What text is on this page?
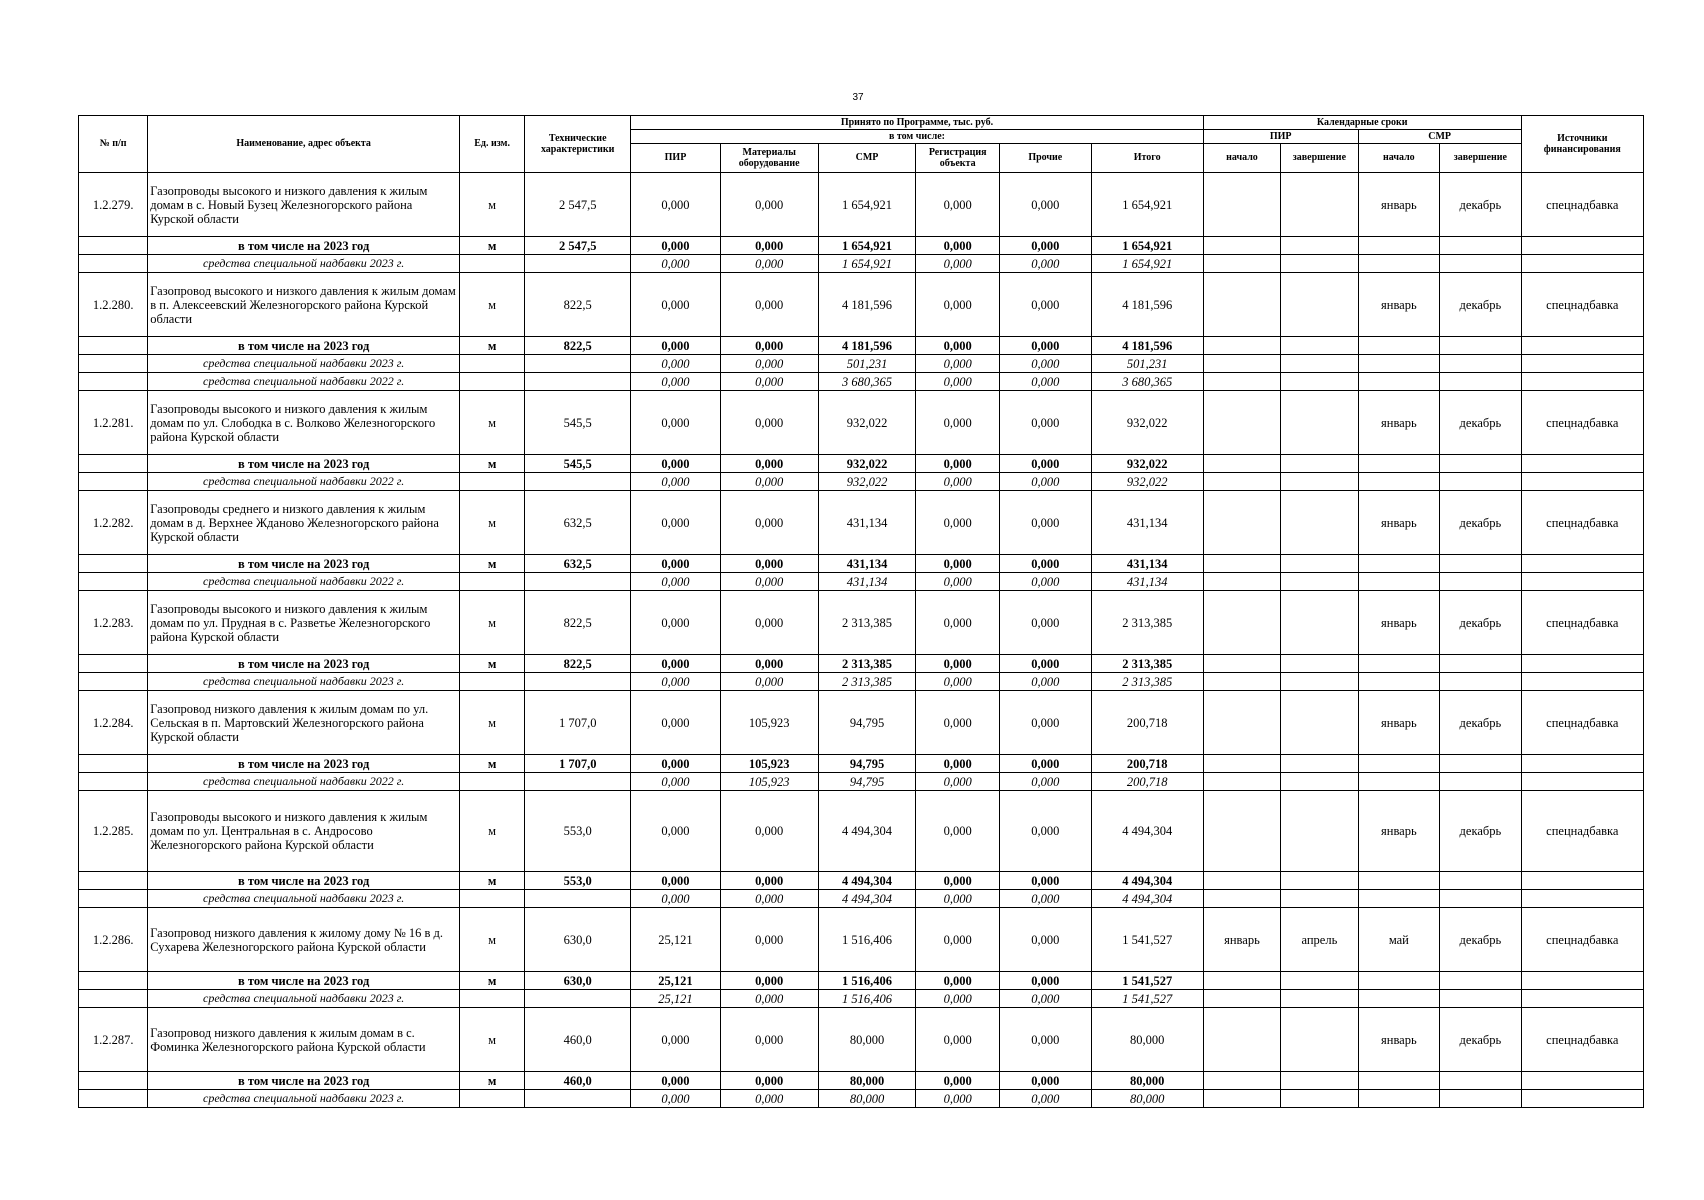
37
№ п/п	Наименование, адрес объекта	Ед. изм.	Технические характеристики	Принято по Программе, тыс. руб.						Календарные сроки				Источники финансирования
				в том числе:						ПИР		СМР		
				ПИР	Материалы оборудование	СМР	Регистрация объекта	Прочие	Итого	начало	завершение	начало	завершение	
1.2.279.	Газопроводы высокого и низкого давления к жилым домам в с. Новый Бузец Железногорского района Курской области	м	2 547,5	0,000	0,000	1 654,921	0,000	0,000	1 654,921			январь	декабрь	спецнадбавка
	в том числе на 2023 год	м	2 547,5	0,000	0,000	1 654,921	0,000	0,000	1 654,921					
	средства специальной надбавки 2023 г.			0,000	0,000	1 654,921	0,000	0,000	1 654,921					
1.2.280.	Газопровод высокого и низкого давления к жилым домам в п. Алексеевский Железногорского района Курской области	м	822,5	0,000	0,000	4 181,596	0,000	0,000	4 181,596			январь	декабрь	спецнадбавка
	в том числе на 2023 год	м	822,5	0,000	0,000	4 181,596	0,000	0,000	4 181,596					
	средства специальной надбавки 2023 г.			0,000	0,000	501,231	0,000	0,000	501,231					
	средства специальной надбавки 2022 г.			0,000	0,000	3 680,365	0,000	0,000	3 680,365					
1.2.281.	Газопроводы высокого и низкого давления к жилым домам по ул. Слободка в с. Волково Железногорского района Курской области	м	545,5	0,000	0,000	932,022	0,000	0,000	932,022			январь	декабрь	спецнадбавка
	в том числе на 2023 год	м	545,5	0,000	0,000	932,022	0,000	0,000	932,022					
	средства специальной надбавки 2022 г.			0,000	0,000	932,022	0,000	0,000	932,022					
1.2.282.	Газопроводы среднего и низкого давления к жилым домам в д. Верхнее Жданово Железногорского района Курской области	м	632,5	0,000	0,000	431,134	0,000	0,000	431,134			январь	декабрь	спецнадбавка
	в том числе на 2023 год	м	632,5	0,000	0,000	431,134	0,000	0,000	431,134					
	средства специальной надбавки 2022 г.			0,000	0,000	431,134	0,000	0,000	431,134					
1.2.283.	Газопроводы высокого и низкого давления к жилым домам по ул. Прудная в с. Разветье Железногорского района Курской области	м	822,5	0,000	0,000	2 313,385	0,000	0,000	2 313,385			январь	декабрь	спецнадбавка
	в том числе на 2023 год	м	822,5	0,000	0,000	2 313,385	0,000	0,000	2 313,385					
	средства специальной надбавки 2023 г.			0,000	0,000	2 313,385	0,000	0,000	2 313,385					
1.2.284.	Газопровод низкого давления к жилым домам по ул. Сельская в п. Мартовский Железногорского района Курской области	м	1 707,0	0,000	105,923	94,795	0,000	0,000	200,718			январь	декабрь	спецнадбавка
	в том числе на 2023 год	м	1 707,0	0,000	105,923	94,795	0,000	0,000	200,718					
	средства специальной надбавки 2022 г.			0,000	105,923	94,795	0,000	0,000	200,718					
1.2.285.	Газопроводы высокого и низкого давления к жилым домам по ул. Центральная в с. Андросово Железногорского района Курской области	м	553,0	0,000	0,000	4 494,304	0,000	0,000	4 494,304			январь	декабрь	спецнадбавка
	в том числе на 2023 год	м	553,0	0,000	0,000	4 494,304	0,000	0,000	4 494,304					
	средства специальной надбавки 2023 г.			0,000	0,000	4 494,304	0,000	0,000	4 494,304					
1.2.286.	Газопровод низкого давления к жилому дому № 16 в д. Сухарева Железногорского района Курской области	м	630,0	25,121	0,000	1 516,406	0,000	0,000	1 541,527	январь	апрель	май	декабрь	спецнадбавка
	в том числе на 2023 год	м	630,0	25,121	0,000	1 516,406	0,000	0,000	1 541,527					
	средства специальной надбавки 2023 г.			25,121	0,000	1 516,406	0,000	0,000	1 541,527					
1.2.287.	Газопровод низкого давления к жилым домам в с. Фоминка Железногорского района Курской области	м	460,0	0,000	0,000	80,000	0,000	0,000	80,000			январь	декабрь	спецнадбавка
	в том числе на 2023 год	м	460,0	0,000	0,000	80,000	0,000	0,000	80,000					
	средства специальной надбавки 2023 г.			0,000	0,000	80,000	0,000	0,000	80,000					
